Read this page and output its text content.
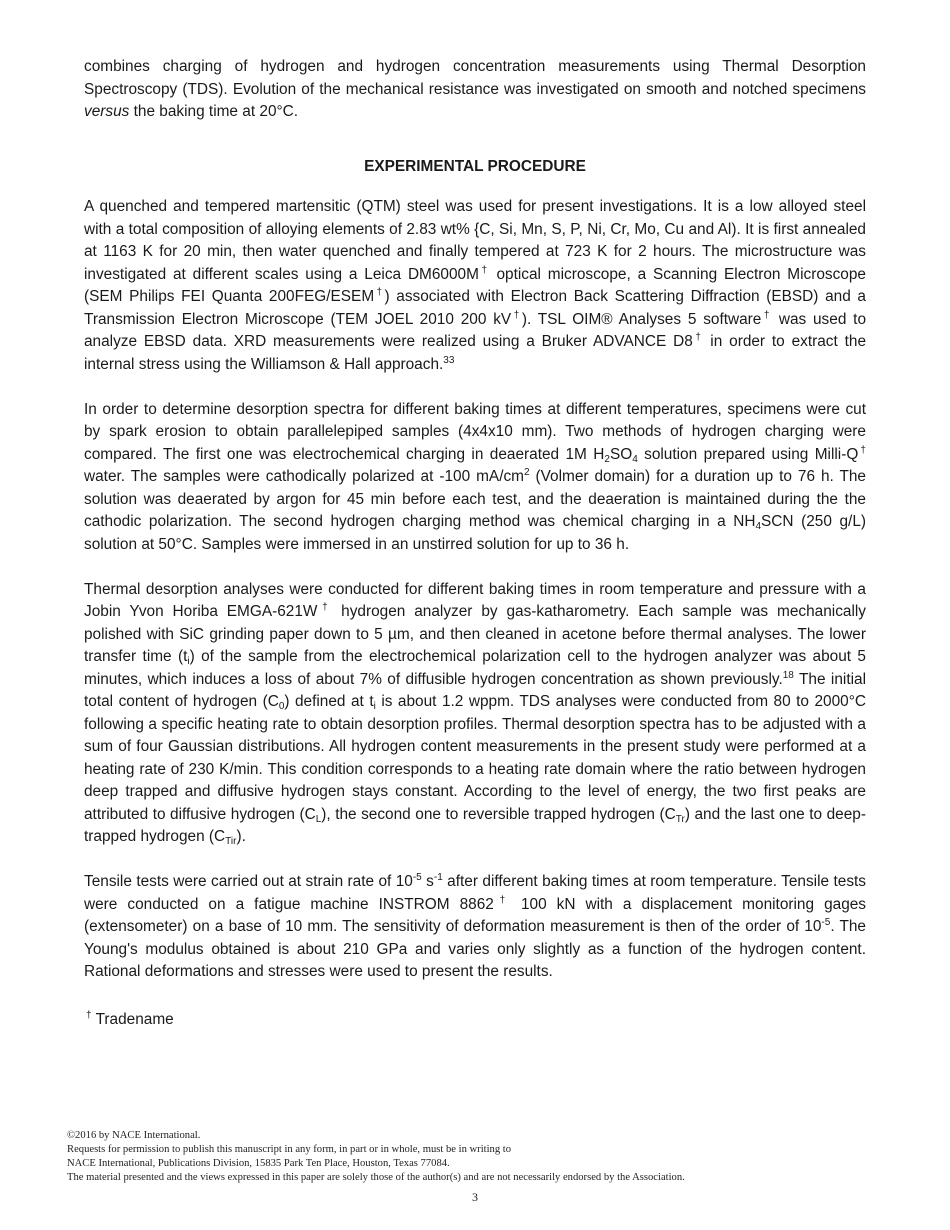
combines charging of hydrogen and hydrogen concentration measurements using Thermal Desorption Spectroscopy (TDS). Evolution of the mechanical resistance was investigated on smooth and notched specimens versus the baking time at 20°C.

EXPERIMENTAL PROCEDURE

A quenched and tempered martensitic (QTM) steel was used for present investigations. It is a low alloyed steel with a total composition of alloying elements of 2.83 wt% {C, Si, Mn, S, P, Ni, Cr, Mo, Cu and Al). It is first annealed at 1163 K for 20 min, then water quenched and finally tempered at 723 K for 2 hours. The microstructure was investigated at different scales using a Leica DM6000M† optical microscope, a Scanning Electron Microscope (SEM Philips FEI Quanta 200FEG/ESEM†) associated with Electron Back Scattering Diffraction (EBSD) and a Transmission Electron Microscope (TEM JOEL 2010 200 kV†). TSL OIM® Analyses 5 software† was used to analyze EBSD data. XRD measurements were realized using a Bruker ADVANCE D8† in order to extract the internal stress using the Williamson & Hall approach.$^{33}$

In order to determine desorption spectra for different baking times at different temperatures, specimens were cut by spark erosion to obtain parallelepiped samples (4x4x10 mm). Two methods of hydrogen charging were compared. The first one was electrochemical charging in deaerated 1M $H_2SO_4$ solution prepared using Milli-Q† water. The samples were cathodically polarized at -100 $mA/cm^2$ (Volmer domain) for a duration up to 76 h. The solution was deaerated by argon for 45 min before each test, and the deaeration is maintained during the the cathodic polarization. The second hydrogen charging method was chemical charging in a $NH_4SCN$ (250 g/L) solution at 50°C. Samples were immersed in an unstirred solution for up to 36 h.

Thermal desorption analyses were conducted for different baking times in room temperature and pressure with a Jobin Yvon Horiba EMGA-621W† hydrogen analyzer by gas-katharometry. Each sample was mechanically polished with SiC grinding paper down to 5 µm, and then cleaned in acetone before thermal analyses. The lower transfer time $(t_i)$ of the sample from the electrochemical polarization cell to the hydrogen analyzer was about 5 minutes, which induces a loss of about 7% of diffusible hydrogen concentration as shown previously.$^{18}$ The initial total content of hydrogen $(C_0)$ defined at $t_i$ is about 1.2 wppm. TDS analyses were conducted from 80 to 2000°C following a specific heating rate to obtain desorption profiles. Thermal desorption spectra has to be adjusted with a sum of four Gaussian distributions. All hydrogen content measurements in the present study were performed at a heating rate of 230 K/min. This condition corresponds to a heating rate domain where the ratio between hydrogen deep trapped and diffusive hydrogen stays constant. According to the level of energy, the two first peaks are attributed to diffusive hydrogen $(C_L)$, the second one to reversible trapped hydrogen $(C_{Tr})$ and the last one to deep-trapped hydrogen $(C_{Tir})$.

Tensile tests were carried out at strain rate of $10^{-5}$ $s^{-1}$ after different baking times at room temperature. Tensile tests were conducted on a fatigue machine INSTROM 8862† 100 kN with a displacement monitoring gages (extensometer) on a base of 10 mm. The sensitivity of deformation measurement is then of the order of $10^{-5}$. The Young's modulus obtained is about 210 GPa and varies only slightly as a function of the hydrogen content. Rational deformations and stresses were used to present the results.

† Tradename
©2016 by NACE International.
Requests for permission to publish this manuscript in any form, in part or in whole, must be in writing to
NACE International, Publications Division, 15835 Park Ten Place, Houston, Texas 77084.
The material presented and the views expressed in this paper are solely those of the author(s) and are not necessarily endorsed by the Association.
3
